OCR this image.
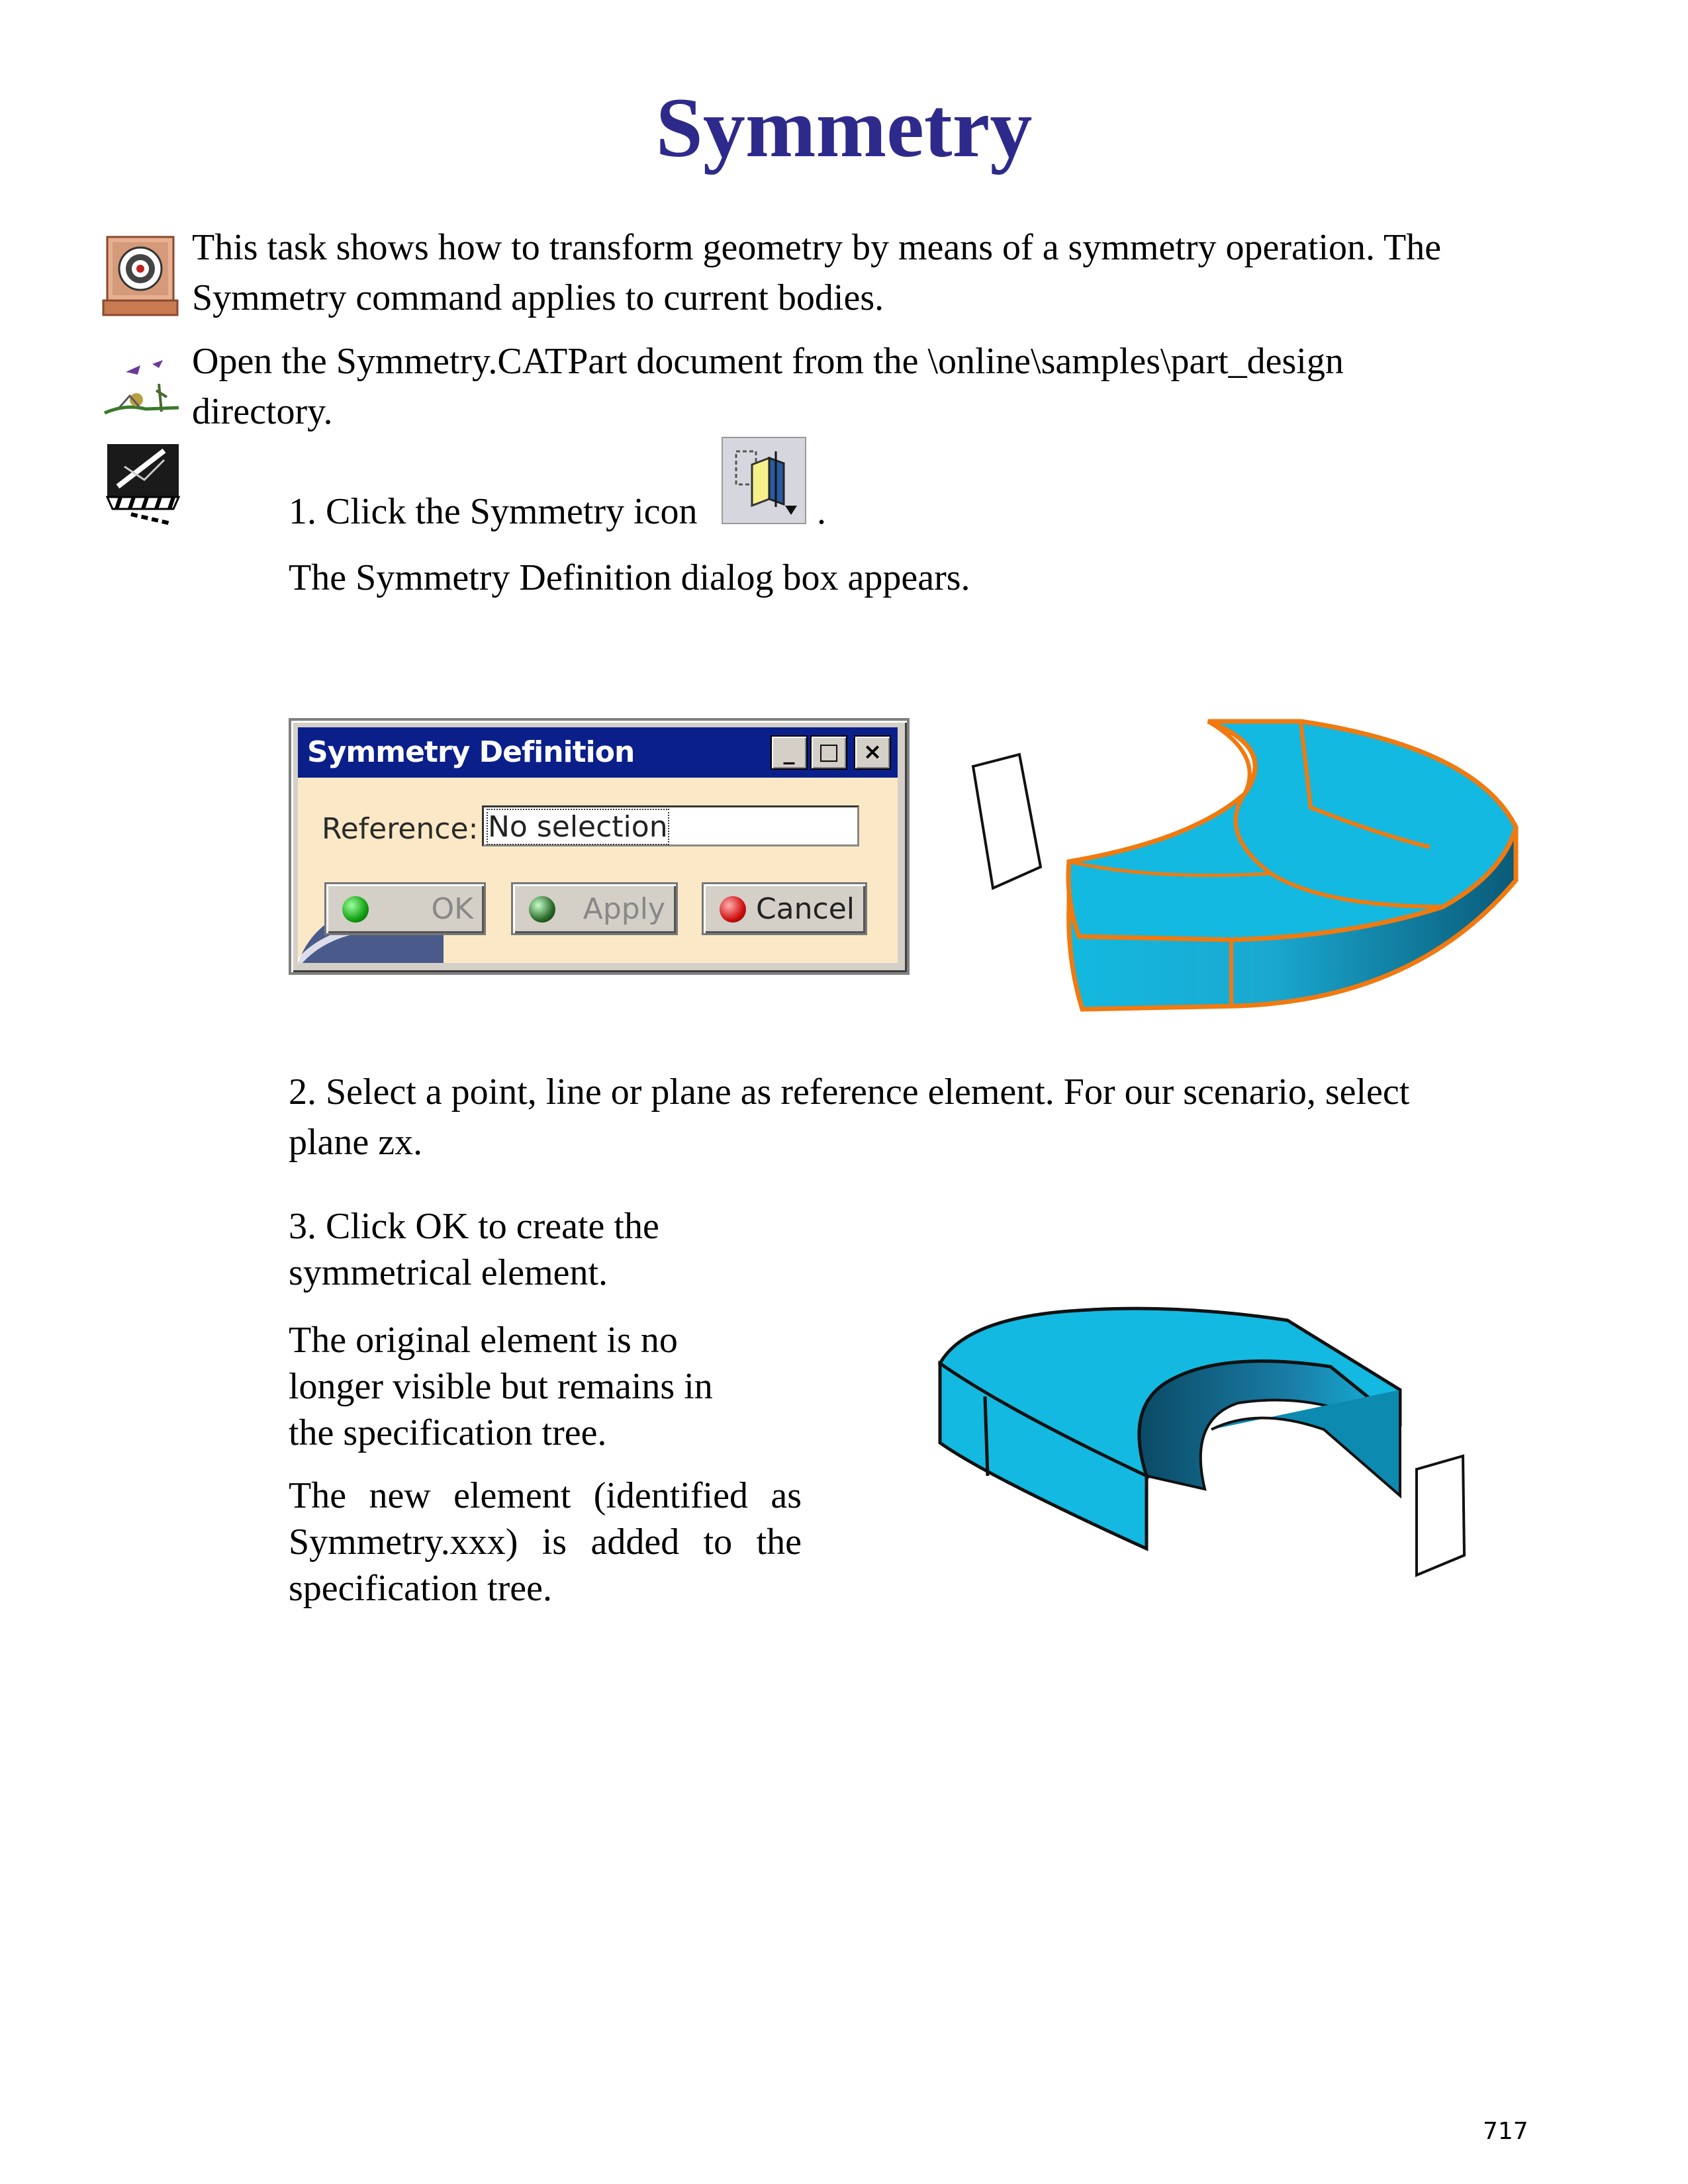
Symmetry
This task shows how to transform geometry by means of a symmetry operation. The Symmetry command applies to current bodies.
Open the Symmetry.CATPart document from the \online\samples\part_design directory.
1. Click the Symmetry icon	.
The Symmetry Definition dialog box appears.
Symmetry Definition	_	□	×
Reference: No selection
OK	Apply	Cancel
2. Select a point, line or plane as reference element. For our scenario, select plane zx.
3. Click OK to create the symmetrical element.
The original element is no longer visible but remains in the specification tree.
The new element (identified as Symmetry.xxx) is added to the specification tree.
717
